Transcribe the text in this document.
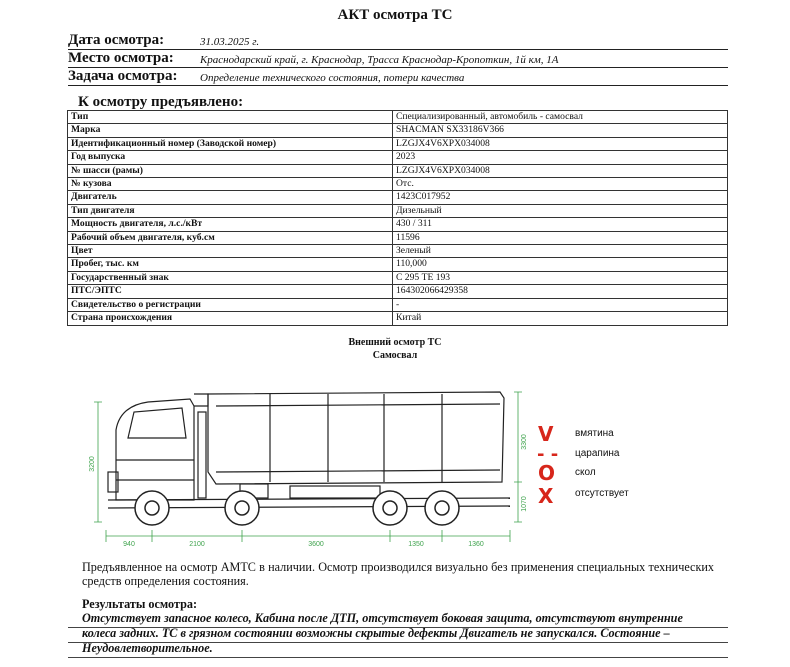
АКТ осмотра ТС
Дата осмотра:	31.03.2025 г.
Место осмотра: Краснодарский край, г. Краснодар, Трасса Краснодар-Кропоткин, 1й км, 1А
Задача осмотра: Определение технического состояния, потери качества
К осмотру предъявлено:
Тип	Специализированный, автомобиль - самосвал
Марка	SHACMAN SX33186V366
Идентификационный номер (Заводской номер)	LZGJX4V6XPX034008
Год выпуска	2023
№ шасси (рамы)	LZGJX4V6XPX034008
№ кузова	Отс.
Двигатель	1423C017952
Тип двигателя	Дизельный
Мощность двигателя, л.с./кВт	430 / 311
Рабочий объем двигателя, куб.см	11596
Цвет	Зеленый
Пробег, тыс. км	110,000
Государственный знак	С 295 ТЕ 193
ПТС/ЭПТС	164302066429358
Свидетельство о регистрации	-
Страна происхождения	Китай
Внешний осмотр ТС
Самосвал
940	2100	3600	1350	1360
3300
1070
3200
V
- -
O
X
вмятина
царапина
скол
отсутствует
Предъявленное на осмотр АМТС в наличии. Осмотр производился визуально без применения специальных технических средств определения состояния.
Результаты осмотра:
Отсутствует запасное колесо, Кабина после ДТП, отсутствует боковая защита, отсутствуют внутренние колеса задних. ТС в грязном состоянии возможны скрытые дефекты Двигатель не запускался. Состояние – Неудовлетворительное.
